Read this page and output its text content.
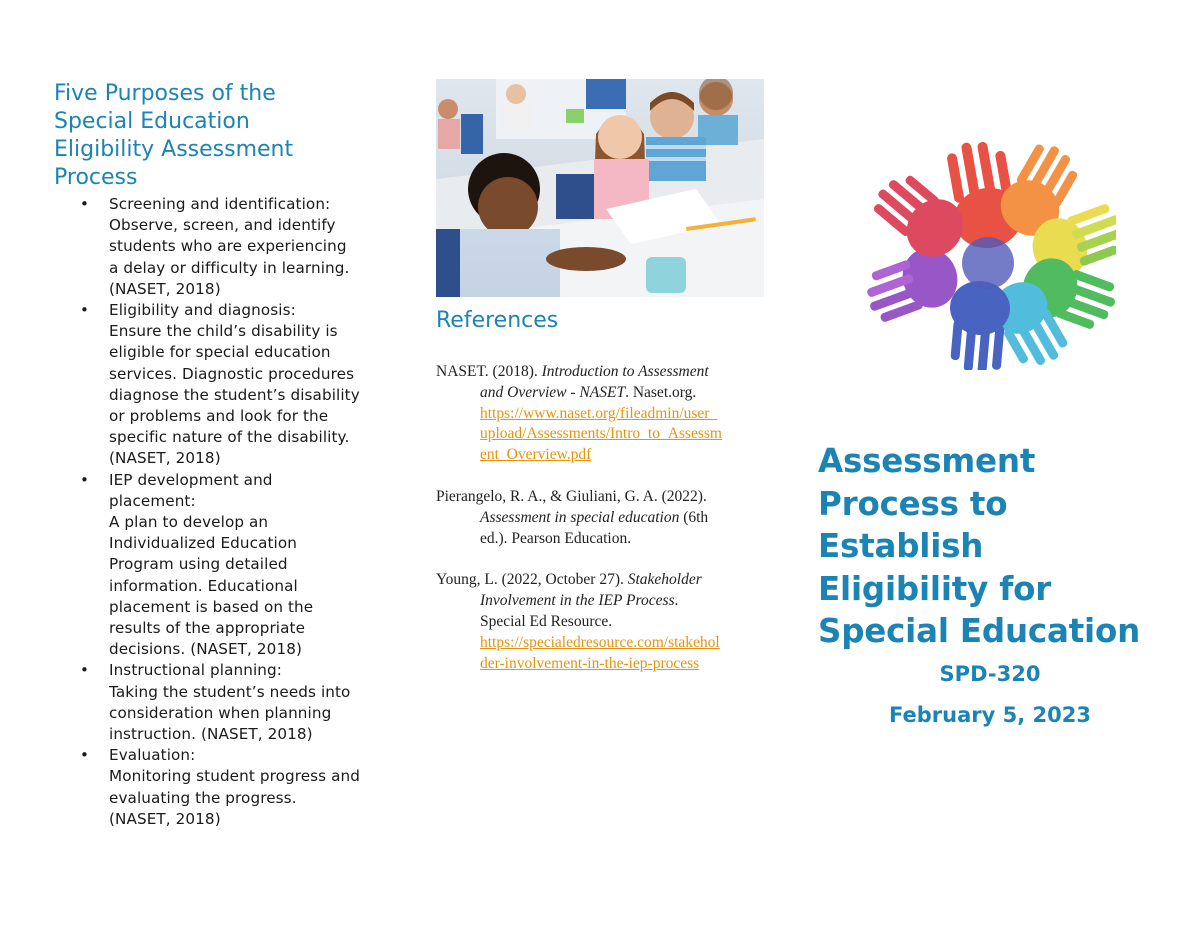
Five Purposes of the
Special Education
Eligibility Assessment
Process
• Screening and identification:
Observe, screen, and identify
students who are experiencing
a delay or difficulty in learning.
(NASET, 2018)
• Eligibility and diagnosis:
Ensure the child’s disability is
eligible for special education
services. Diagnostic procedures
diagnose the student’s disability
or problems and look for the
specific nature of the disability.
(NASET, 2018)
• IEP development and
placement:
A plan to develop an
Individualized Education
Program using detailed
information. Educational
placement is based on the
results of the appropriate
decisions. (NASET, 2018)
• Instructional planning:
Taking the student’s needs into
consideration when planning
instruction. (NASET, 2018)
• Evaluation:
Monitoring student progress and
evaluating the progress.
(NASET, 2018)
References
NASET. (2018). Introduction to Assessment
and Overview - NASET. Naset.org.
https://www.naset.org/fileadmin/user_
upload/Assessments/Intro_to_Assessm
ent_Overview.pdf
Pierangelo, R. A., & Giuliani, G. A. (2022).
Assessment in special education (6th
ed.). Pearson Education.
Young, L. (2022, October 27). Stakeholder
Involvement in the IEP Process.
Special Ed Resource.
https://specialedresource.com/stakehol
der-involvement-in-the-iep-process
Assessment
Process to
Establish
Eligibility for
Special Education
SPD-320
February 5, 2023
